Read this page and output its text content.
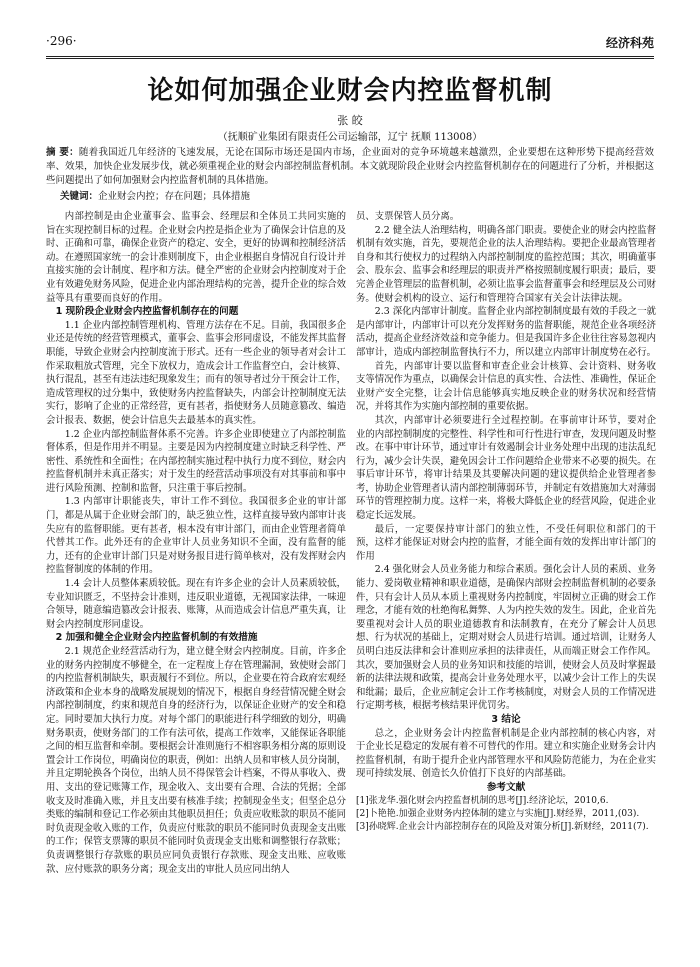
·296·	经济科苑
论如何加强企业财会内控监督机制
张 皎
（抚顺矿业集团有限责任公司运输部，辽宁 抚顺 113008）
摘 要：随着我国近几年经济的飞速发展，无论在国际市场还是国内市场，企业面对的竞争环境越来越激烈，企业要想在这种形势下提高经营效率、效果，加快企业发展步伐，就必须重视企业的财会内部控制监督机制。本文就现阶段企业财会内控监督机制存在的问题进行了分析，并根据这些问题提出了如何加强财会内控监督机制的具体措施。
关键词：企业财会内控；存在问题；具体措施

内部控制是由企业董事会、监事会、经理层和全体员工共同实施的旨在实现控制目标的过程。企业财会内控是指企业为了确保会计信息的及时、正确和可靠，确保企业资产的稳定、安全，更好的协调和控制经济活动。在遵照国家统一的会计准则制度下，由企业根据自身情况自行设计并直接实施的会计制度、程序和方法。健全严密的企业财会内控制度对于企业有效避免财务风险，促进企业内部治理结构的完善，提升企业的综合效益等具有重要而良好的作用。

1 现阶段企业财会内控监督机制存在的问题

1.1 企业内部控制管理机构、管理方法存在不足。目前，我国很多企业还是传统的经营管理模式，董事会、监事会形同虚设，不能发挥其监督职能，导致企业财会内控制度流于形式。还有一些企业的领导者对会计工作采取粗放式管理，完全下放权力，造成会计工作监督空白，会计核算、执行混乱，甚至有违法违纪现象发生；而有的领导者过分干预会计工作，造成管理权的过分集中，致使财务内控监督缺失，内部会计控制制度无法实行，影响了企业的正常经营，更有甚者，指使财务人员随意篡改、编造会计报表、数据，使会计信息失去最基本的真实性。

1.2 企业内部控制监督体系不完善。许多企业即使建立了内部控制监督体系，但是作用并不明显。主要是因为内控制度建立时缺乏科学性、严密性、系统性和全面性；在内部控制实施过程中执行力度不到位，财会内控监督机制并未真正落实；对于发生的经营活动事项没有对其事前和事中进行风险预测、控制和监督，只注重于事后控制。

1.3 内部审计职能丧失，审计工作不到位。我国很多企业的审计部门，都是从属于企业财会部门的，缺乏独立性，这样直接导致内部审计丧失应有的监督职能。更有甚者，根本没有审计部门，而由企业管理者简单代替其工作。此外还有的企业审计人员业务知识不全面，没有监督的能力，还有的企业审计部门只是对财务报目进行简单核对，没有发挥财会内控监督制度的体制的作用。

1.4 会计人员整体素质较低。现在有许多企业的会计人员素质较低，专业知识匮乏，不坚持会计准则，违反职业道德，无视国家法律，一味迎合领导，随意编造篡改会计报表、账簿，从而造成会计信息严重失真，让财会内控制度形同虚设。

2 加强和健全企业财会内控监督机制的有效措施

2.1 规范企业经营活动行为，建立健全财会内控制度。目前，许多企业的财务内控制度不够健全，在一定程度上存在管理漏洞，致使财会部门的内控监督机制缺失，职责履行不到位。所以，企业要在符合政府宏观经济政策和企业本身的战略发展规划的情况下，根据自身经营情况健全财会内部控制制度，约束和规范自身的经济行为，以保证企业财产的安全和稳定。同时要加大执行力度。对每个部门的职能进行科学细致的划分，明确财务职责，使财务部门的工作有法可依，提高工作效率，又能保证各职能之间的相互监督和牵制。要根据会计准则施行不相容职务相分离的原则设置会计工作岗位，明确岗位的职责，例如：出纳人员和审核人员分岗制，并且定期轮换各个岗位，出纳人员不得保管会计档案，不得从事收入、费用、支出的登记账簿工作，现金收入、支出要有合理、合法的凭据；全部收支及时准确入账，并且支出要有核准手续；控制现金坐支；但坚企总分类账的编制和登记工作必须由其他职员担任；负责应收账款的职员不能同时负责现金收入账的工作，负责应付账款的职员不能同时负责现金支出账的工作；保管支票簿的职员不能同时负责现金支出账和调整银行存款账；负责调整银行存款账的职员应同负责银行存款账、现金支出账、应收账款、应付账款的职务分离；现金支出的审批人员应同出纳人

员、支票保管人员分离。

2.2 健全法人治理结构，明确各部门职责。要使企业的财会内控监督机制有效实施，首先，要规范企业的法人治理结构。要把企业最高管理者自身和其行使权力的过程纳入内部控制制度的监控范围；其次，明确董事会、股东会、监事会和经理层的职责并严格按照制度履行职责；最后，要完善企业管理层的监督机制，必须让监事会监督董事会和经理层及公司财务。使财会机构的设立、运行和管理符合国家有关会计法律法规。

2.3 深化内部审计制度。监督企业内部控制制度最有效的手段之一就是内部审计，内部审计可以充分发挥财务的监督职能，规范企业各项经济活动，提高企业经济效益和竞争能力。但是我国许多企业往往容易忽视内部审计，造成内部控制监督执行不力，所以建立内部审计制度势在必行。

首先，内部审计要以监督和审查企业会计核算、会计资料、财务收支等情况作为重点，以确保会计信息的真实性、合法性、准确性，保证企业财产安全完整，让会计信息能够真实地反映企业的财务状况和经营情况，并将其作为实施内部控制的重要依据。

其次，内部审计必须要进行全过程控制。在事前审计环节，要对企业的内部控制制度的完整性、科学性和可行性进行审查，发现问题及时整改。在事中审计环节，通过审计有效遏制会计业务处理中出现的违法乱纪行为，减少会计失误，避免因会计工作问题给企业带来不必要的损失。在事后审计环节，将审计结果及其要解决问题的建议提供给企业管理者参考，协助企业管理者认清内部控制薄弱环节，并制定有效措施加大对薄弱环节的管理控制力度。这样一来，将极大降低企业的经营风险，促进企业稳定长远发展。

最后，一定要保持审计部门的独立性，不受任何职位和部门的干预，这样才能保证对财会内控的监督，才能全面有效的发挥出审计部门的作用

2.4 强化财会人员业务能力和综合素质。强化会计人员的素质、业务能力、爱岗敬业精神和职业道德，是确保内部财会控制监督机制的必要条件，只有会计人员从本质上重视财务内控制度，牢固树立正确的财会工作理念，才能有效的杜绝徇私舞弊、人为内控失效的发生。因此，企业首先要重视对会计人员的职业道德教育和法制教育，在充分了解会计人员思想、行为状况的基础上，定期对财会人员进行培训。通过培训，让财务人员明白违反法律和会计准则应承担的法律责任，从而端正财会工作作风。其次，要加强财会人员的业务知识和技能的培训，使财会人员及时掌握最新的法律法规和政策，提高会计业务处理水平，以减少会计工作上的失误和纰漏；最后，企业应制定会计工作考核制度，对财会人员的工作情况进行定期考核，根据考核结果评优罚劣。

3 结论

总之，企业财务会计内控监督机制是企业内部控制的核心内容，对于企业长足稳定的发展有着不可替代的作用。建立和实施企业财务会计内控监督机制，有助于提升企业内部管理水平和风险防范能力，为在企业实现可持续发展、创造长久价值打下良好的内部基础。

参考文献

[1]张龙华.强化财会内控监督机制的思考[J].经济论坛，2010,6.

[2]卜艳艳.加强企业财务内控体制的建立与实施[J].财经界，2011,(03).

[3]孙晓辉.企业会计内部控制存在的风险及对策分析[J].新财经，2011(7).
